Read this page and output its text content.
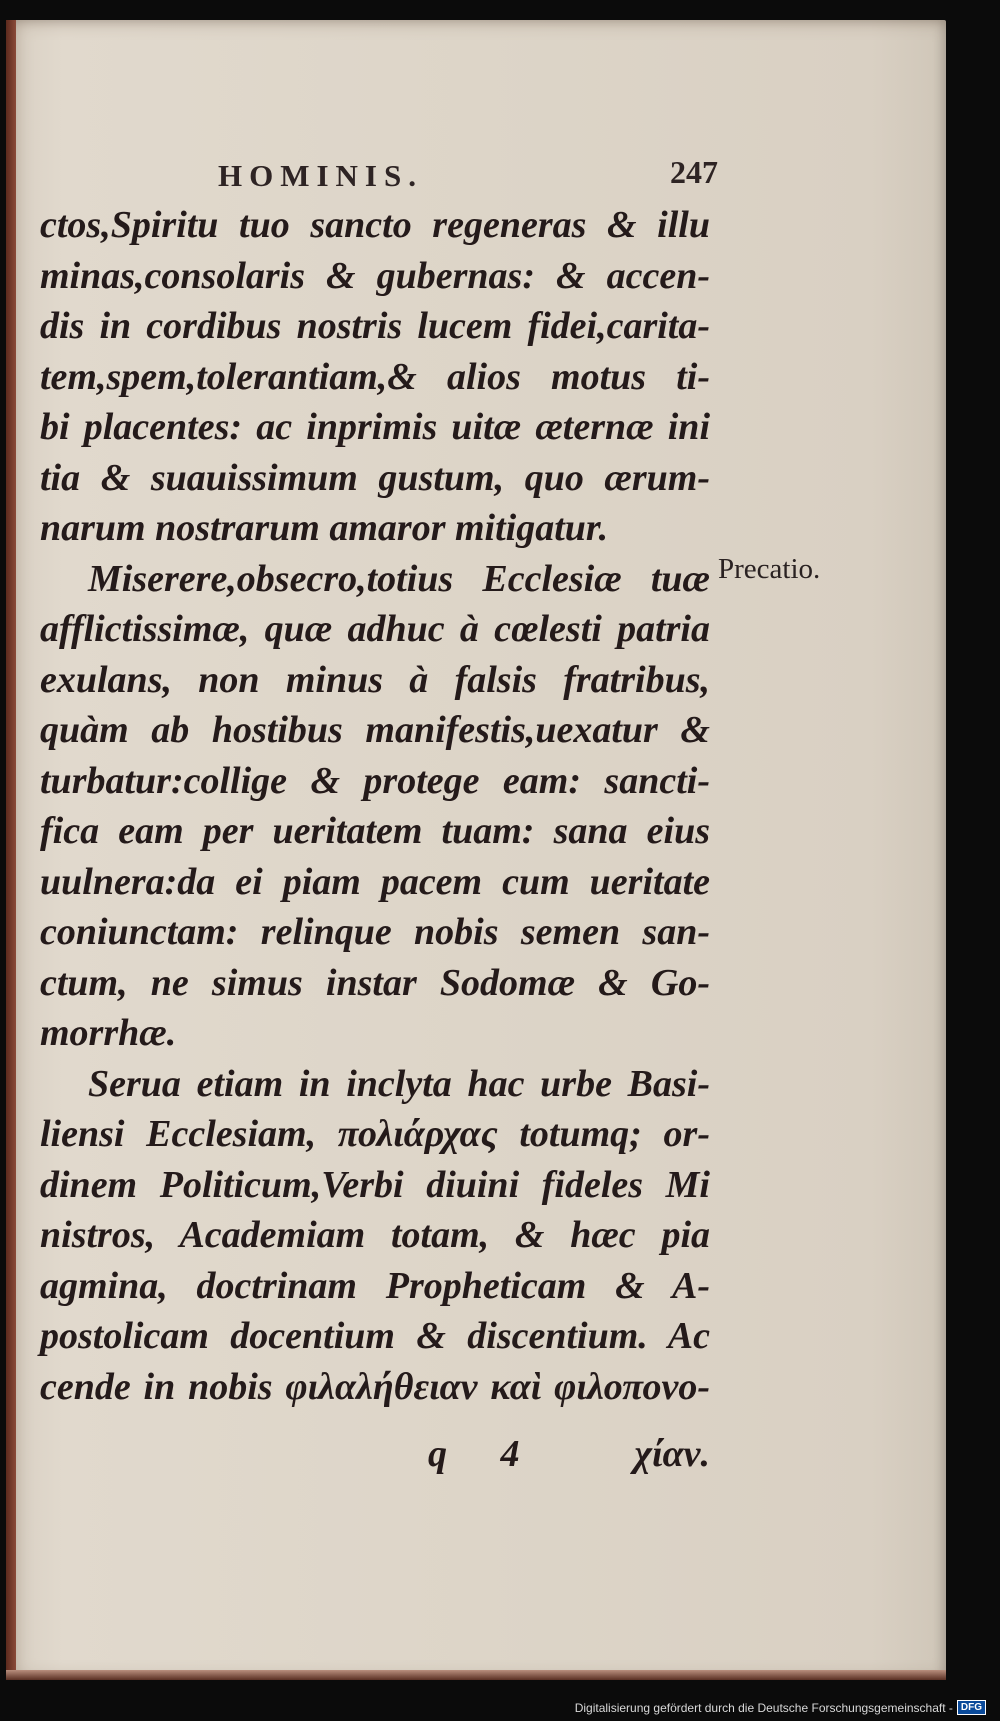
HOMINIS.	247
ctos,Spiritu tuo sancto regeneras & illu
minas,consolaris & gubernas: & accen-
dis in cordibus nostris lucem fidei,carita-
tem,spem,tolerantiam,& alios motus ti-
bi placentes: ac inprimis uitæ æternæ ini
tia & suauissimum gustum, quo ærum-
narum nostrarum amaror mitigatur.
Miserere,obsecro,totius Ecclesiæ tuæ
afflictissimæ, quæ adhuc à cœlesti patria
exulans, non minus à falsis fratribus,
quàm ab hostibus manifestis,uexatur &
turbatur:collige & protege eam: sancti-
fica eam per ueritatem tuam: sana eius
uulnera:da ei piam pacem cum ueritate
coniunctam: relinque nobis semen san-
ctum, ne simus instar Sodomæ & Go-
morrhæ.
Serua etiam in inclyta hac urbe Basi-
liensi Ecclesiam, πολιάρχας totumq; or-
dinem Politicum,Verbi diuini fideles Mi
nistros, Academiam totam, & hæc pia
agmina, doctrinam Propheticam & A-
postolicam docentium & discentium. Ac
cende in nobis φιλαλήθειαν καὶ φιλοπονο-
Precatio.
q 4 χίαν.
Digitalisierung gefördert durch die Deutsche Forschungsgemeinschaft - DFG
